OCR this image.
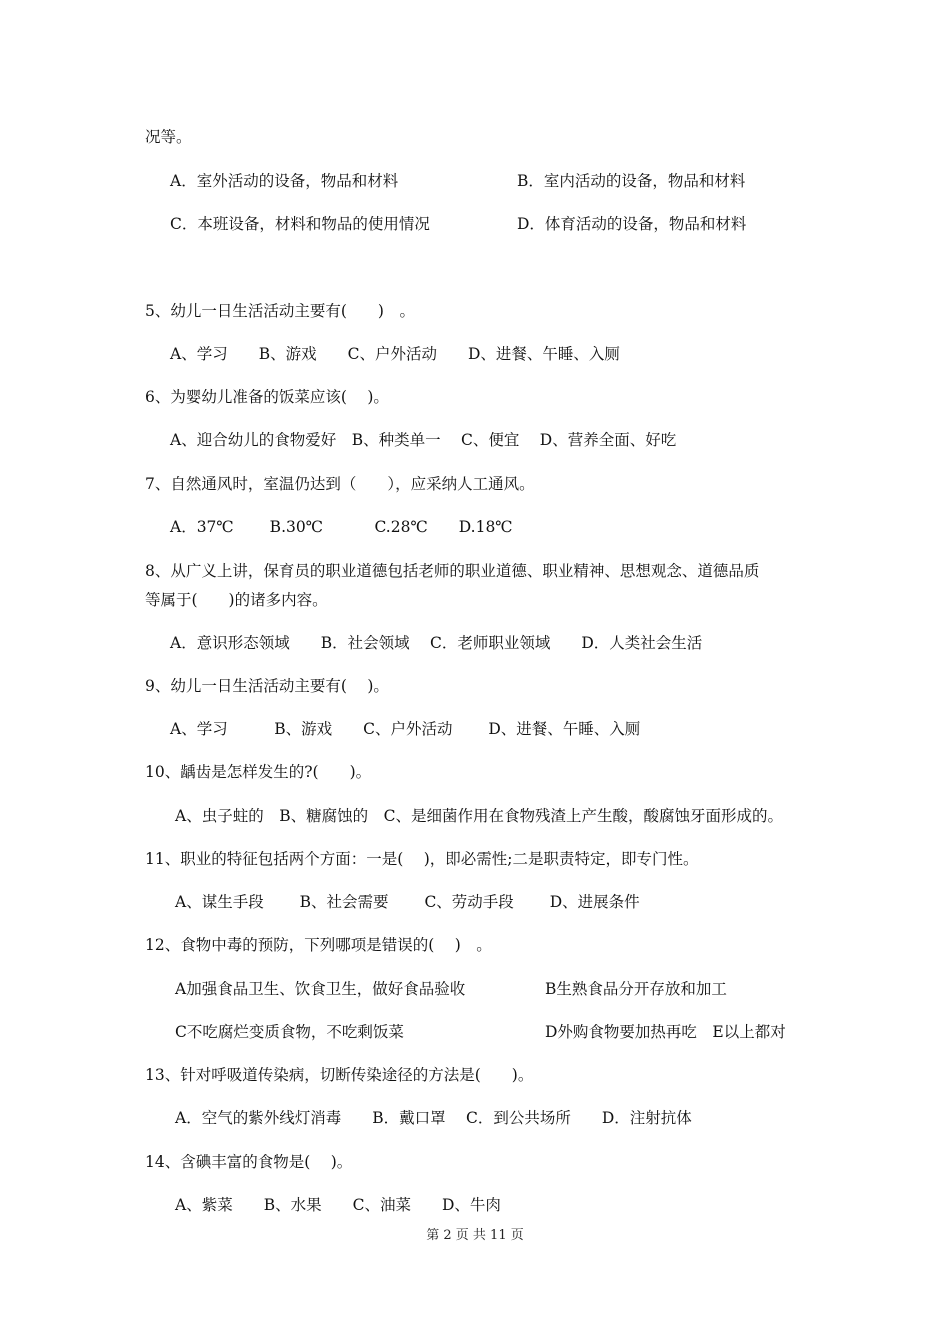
况等。
A．室外活动的设备，物品和材料	B．室内活动的设备，物品和材料
C．本班设备，材料和物品的使用情况	D．体育活动的设备，物品和材料
5、幼儿一日生活活动主要有(　　)　。
A、学习　　B、游戏　　C、户外活动　　D、进餐、午睡、入厕
6、为婴幼儿准备的饭菜应该(　 )。
A、迎合幼儿的食物爱好　B、种类单一　 C、便宜　 D、营养全面、好吃
7、自然通风时，室温仍达到（　　），应采纳人工通风。
A．37℃　　 B.30℃　　　 C.28℃　　D.18℃
8、从广义上讲，保育员的职业道德包括老师的职业道德、职业精神、思想观念、道德品质
等属于(　　)的诸多内容。
A．意识形态领域　　B．社会领域　 C．老师职业领域　　D．人类社会生活
9、幼儿一日生活活动主要有(　 )。
A、学习　　　B、游戏　　C、户外活动　　 D、进餐、午睡、入厕
10、龋齿是怎样发生的?(　　)。
A、虫子蛀的　B、糖腐蚀的　C、是细菌作用在食物残渣上产生酸，酸腐蚀牙面形成的。
11、职业的特征包括两个方面：一是(　 )，即必需性;二是职责特定，即专门性。
A、谋生手段　　 B、社会需要　　 C、劳动手段　　 D、进展条件
12、食物中毒的预防，下列哪项是错误的(　 )　。
A加强食品卫生、饮食卫生，做好食品验收	B生熟食品分开存放和加工
C不吃腐烂变质食物，不吃剩饭菜	D外购食物要加热再吃　E以上都对
13、针对呼吸道传染病，切断传染途径的方法是(　　)。
A．空气的紫外线灯消毒　　B．戴口罩　 C．到公共场所　　D．注射抗体
14、含碘丰富的食物是(　 )。
A、紫菜　　B、水果　　C、油菜　　D、牛肉
第 2 页 共 11 页
